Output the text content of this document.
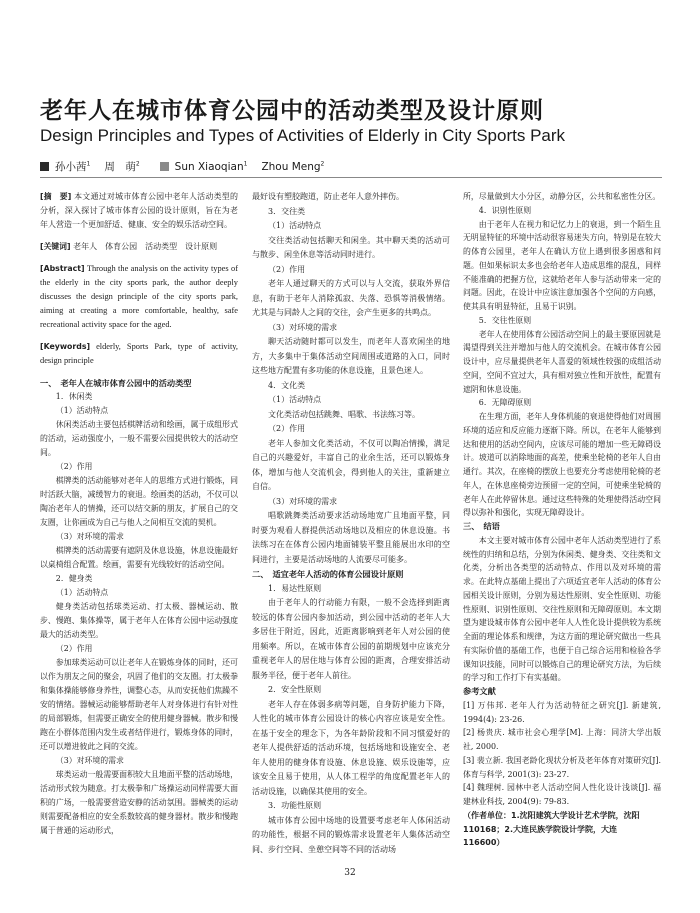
老年人在城市体育公园中的活动类型及设计原则
Design Principles and Types of Activities of Elderly in City Sports Park
孙小茜$^1$ 周　萌$^2$	Sun Xiaoqian$^1$ Zhou Meng$^2$

[摘　要] 本文通过对城市体育公园中老年人活动类型的分析，深入探讨了城市体育公园的设计原则，旨在为老年人营造一个更加舒适、健康、安全的娱乐活动空间。

[关键词] 老年人　体育公园　活动类型　设计原则

[Abstract] Through the analysis on the activity types of the elderly in the city sports park, the author deeply discusses the design principle of the city sports park, aiming at creating a more comfortable, healthy, safe recreational activity space for the aged.

[Keywords] elderly, Sports Park, type of activity, design principle

一、　老年人在城市体育公园中的活动类型

1．休闲类

（1）活动特点

休闲类活动主要包括棋牌活动和绘画，属于成组形式的活动，运动强度小，一般不需要公园提供较大的活动空间。

（2）作用

棋牌类的活动能够对老年人的思维方式进行锻炼，同时活跃大脑，减缓智力的衰退。绘画类的活动，不仅可以陶冶老年人的情操，还可以结交新的朋友，扩展自己的交友圈，让你画成为自己与他人之间相互交流的契机。

（3）对环境的需求

棋牌类的活动需要有遮阴及休息设施，休息设施最好以桌椅组合配置。绘画，需要有光线较好的活动空间。

2．健身类

（1）活动特点

健身类活动包括球类运动、打太极、器械运动、散步、慢跑、集体操等，属于老年人在体育公园中运动强度最大的活动类型。

（2）作用

参加球类运动可以让老年人在锻炼身体的同时，还可以作为朋友之间的聚会，巩固了他们的交友圈。打太极拳和集体操能够修身养性，调整心态，从而安抚他们焦躁不安的情绪。器械运动能够帮助老年人对身体进行有针对性的局部锻炼，但需要正确安全的使用健身器械。散步和慢跑在小群体范围内发生或者结伴进行，锻炼身体的同时，还可以增进彼此之间的交流。

（3）对环境的需求

球类运动一般需要面积较大且地面平整的活动场地，活动形式较为随意。打太极拳和广场操运动同样需要大面积的广场，一般需要营造安静的活动氛围。器械类的运动则需要配备相应的安全系数较高的健身器材。散步和慢跑属于普通的运动形式，

最好设有塑胶跑道，防止老年人意外摔伤。

3．交往类

（1）活动特点

交往类活动包括聊天和闲坐。其中聊天类的活动可与散步、闲坐休息等活动同时进行。

（2）作用

老年人通过聊天的方式可以与人交流，获取外界信息，有助于老年人消除孤寂、失落、恐惧等消极情绪。尤其是与同龄人之间的交往，会产生更多的共鸣点。

（3）对环境的需求

聊天活动随时都可以发生，而老年人喜欢闲坐的地方，大多集中于集体活动空间周围或道路的入口，同时这些地方配置有多功能的休息设施，且景色迷人。

4．文化类

（1）活动特点

文化类活动包括跳舞、唱歌、书法练习等。

（2）作用

老年人参加文化类活动，不仅可以陶冶情操，满足自己的兴趣爱好，丰富自己的业余生活，还可以锻炼身体，增加与他人交流机会，得到他人的关注，重新建立自信。

（3）对环境的需求

唱歌跳舞类活动要求活动场地宽广且地面平整，同时要为观看人群提供活动场地以及相应的休息设施。书法练习在在体育公园内地面铺装平整且能展出水印的空间进行，主要是活动场地的人流要尽可能多。

二、　适宜老年人活动的体育公园设计原则

1．易达性原则

由于老年人的行动能力有限，一般不会选择到距离较远的体育公园内参加活动，到公园中活动的老年人大多居住于附近，因此，近距离影响到老年人对公园的使用频率。所以，在城市体育公园的前期规划中应该充分重视老年人的居住地与体育公园的距离，合理安排活动服务半径，便于老年人前往。

2．安全性原则

老年人存在体弱多病等问题，自身防护能力下降，人性化的城市体育公园设计的核心内容应该是安全性。在基于安全的理念下，为各年龄阶段和不同习惯爱好的老年人提供舒适的活动环境，包括场地和设施安全、老年人使用的健身体育设施、休息设施、娱乐设施等，应该安全且易于使用，从人体工程学的角度配置老年人的活动设施，以确保其使用的安全。

3．功能性原则

城市体育公园中场地的设置要考虑老年人体闲活动的功能性，根据不同的锻炼需求设置老年人集体活动空间、步行空间、坐憩空间等不同的活动场

所，尽量做到大小分区，动静分区，公共和私密性分区。

4．识别性原则

由于老年人在视力和记忆力上的衰退，到一个陌生且无明显特征的环境中活动很容易迷失方向，特别是在较大的体育公园里，老年人在确认方位上遇到很多困惑和问题。但如果标识太多也会给老年人造成思维的混乱，同样不能准确的把握方位，这就给老年人参与活动带来一定的问题。因此，在设计中应该注意加强各个空间的方向感，使其具有明显特征，且易于识别。

5．交往性原则

老年人在使用体育公园活动空间上的最主要原因就是渴望得到关注并增加与他人的交流机会。在城市体育公园设计中，应尽量提供老年人喜爱的领域性较强的成组活动空间，空间不宜过大，具有相对独立性和开放性，配置有遮阴和休息设施。

6．无障碍原则

在生理方面，老年人身体机能的衰退使得他们对周围环境的适应和反应能力逐渐下降。所以，在老年人能够到达和使用的活动空间内，应该尽可能的增加一些无障碍设计。坡道可以消除地面的高差，使乘坐轮椅的老年人自由通行。其次，在座椅的摆放上也要充分考虑使用轮椅的老年人，在休息座椅旁边预留一定的空间，可使乘坐轮椅的老年人在此停留休息。通过这些特殊的处理使得活动空间得以弥补和强化，实现无障碍设计。

三、　结语

本文主要对城市体育公园中老年人活动类型进行了系统性的归纳和总结，分别为休闲类、健身类、交往类和文化类，分析出各类型的活动特点、作用以及对环境的需求。在此特点基础上提出了六项适宜老年人活动的体育公园相关设计原则，分别为易达性原则、安全性原则、功能性原则、识别性原则、交往性原则和无障碍原则。本文期望为建设城市体育公园中老年人人性化设计提供较为系统全面的理论体系和规律，为这方面的理论研究做出一些具有实际价值的基础工作，也便于自己综合运用和检验各学课知识技能，同时可以锻炼自己的理论研究方法，为后续的学习和工作打下有实基础。

参考文献

[1] 万伟邦. 老年人行为活动特征之研究[J]. 新建筑, 1994(4): 23-26.

[2] 杨贵庆. 城市社会心理学[M]. 上海：同济大学出版社, 2000.

[3] 裴立新. 我国老龄化现状分析及老年体育对策研究[J]. 体育与科学, 2001(3): 23-27.

[4] 魏理树. 园林中老人活动空间人性化设计浅谈[J]. 福建林业科技, 2004(9): 79-83.

（作者单位：1.沈阳建筑大学设计艺术学院，沈阳110168；2.大连民族学院设计学院，大连　116600）

32
